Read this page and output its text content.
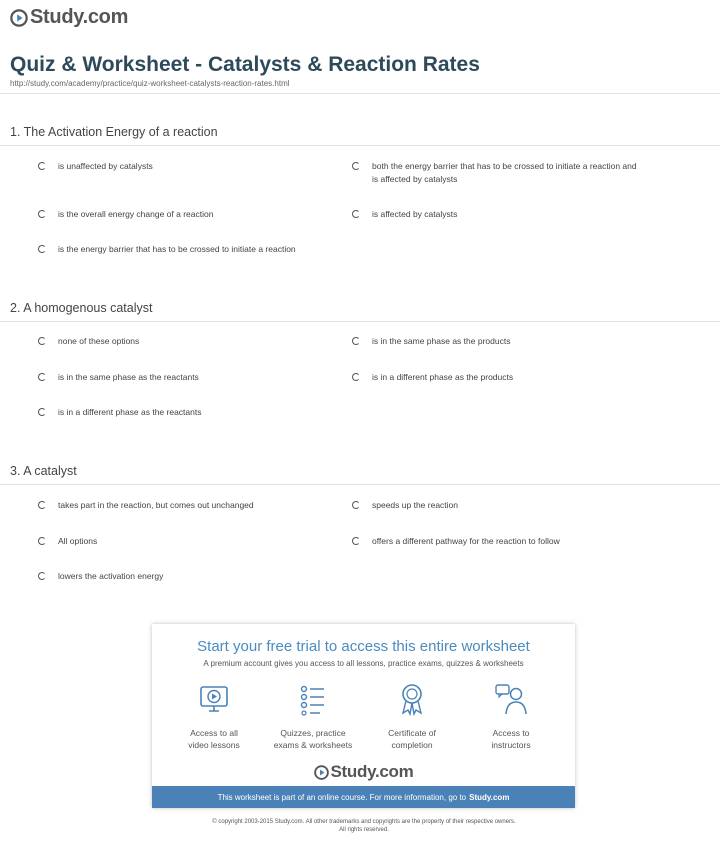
Study.com
Quiz & Worksheet - Catalysts & Reaction Rates
http://study.com/academy/practice/quiz-worksheet-catalysts-reaction-rates.html
1. The Activation Energy of a reaction
is unaffected by catalysts	both the energy barrier that has to be crossed to initiate a reaction and is affected by catalysts
is the overall energy change of a reaction	is affected by catalysts
is the energy barrier that has to be crossed to initiate a reaction
2. A homogenous catalyst
none of these options	is in the same phase as the products
is in the same phase as the reactants	is in a different phase as the products
is in a different phase as the reactants
3. A catalyst
takes part in the reaction, but comes out unchanged	speeds up the reaction
All options	offers a different pathway for the reaction to follow
lowers the activation energy
Start your free trial to access this entire worksheet
A premium account gives you access to all lessons, practice exams, quizzes & worksheets
Access to all
video lessons
Quizzes, practice
exams & worksheets
Certificate of
completion
Access to
instructors
Study.com
This worksheet is part of an online course. For more information, go to Study.com
© copyright 2003-2015 Study.com. All other trademarks and copyrights are the property of their respective owners.
All rights reserved.
